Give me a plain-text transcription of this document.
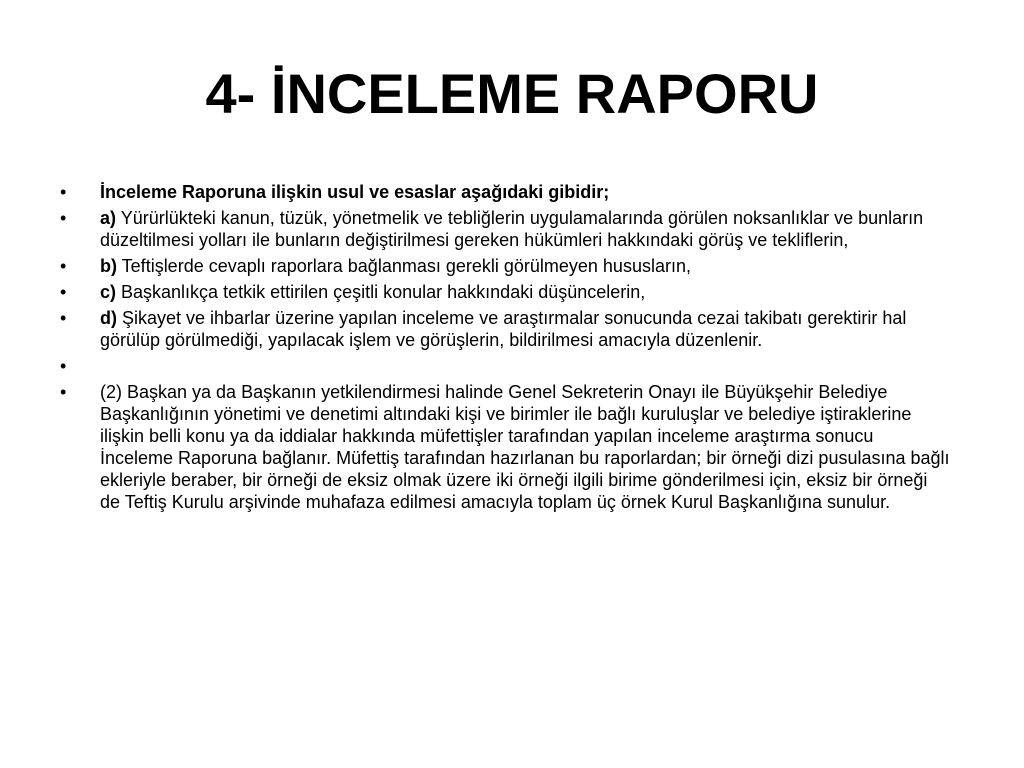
4- İNCELEME RAPORU
•	İnceleme Raporuna ilişkin usul ve esaslar aşağıdaki gibidir;
•	a) Yürürlükteki kanun, tüzük, yönetmelik ve tebliğlerin uygulamalarında görülen noksanlıklar ve bunların düzeltilmesi yolları ile bunların değiştirilmesi gereken hükümleri hakkındaki görüş ve tekliflerin,
•	b) Teftişlerde cevaplı raporlara bağlanması gerekli görülmeyen hususların,
•	c) Başkanlıkça tetkik ettirilen çeşitli konular hakkındaki düşüncelerin,
•	d) Şikayet ve ihbarlar üzerine yapılan inceleme ve araştırmalar sonucunda cezai takibatı gerektirir hal görülüp görülmediği, yapılacak işlem ve görüşlerin, bildirilmesi amacıyla düzenlenir.
•
•	(2) Başkan ya da Başkanın yetkilendirmesi halinde Genel Sekreterin Onayı ile Büyükşehir Belediye Başkanlığının yönetimi ve denetimi altındaki kişi ve birimler ile bağlı kuruluşlar ve belediye iştiraklerine ilişkin belli konu ya da iddialar hakkında müfettişler tarafından yapılan inceleme araştırma sonucu İnceleme Raporuna bağlanır. Müfettiş tarafından hazırlanan bu raporlardan; bir örneği dizi pusulasına bağlı ekleriyle beraber, bir örneği de eksiz olmak üzere iki örneği ilgili birime gönderilmesi için, eksiz bir örneği de Teftiş Kurulu arşivinde muhafaza edilmesi amacıyla toplam üç örnek Kurul Başkanlığına sunulur.
